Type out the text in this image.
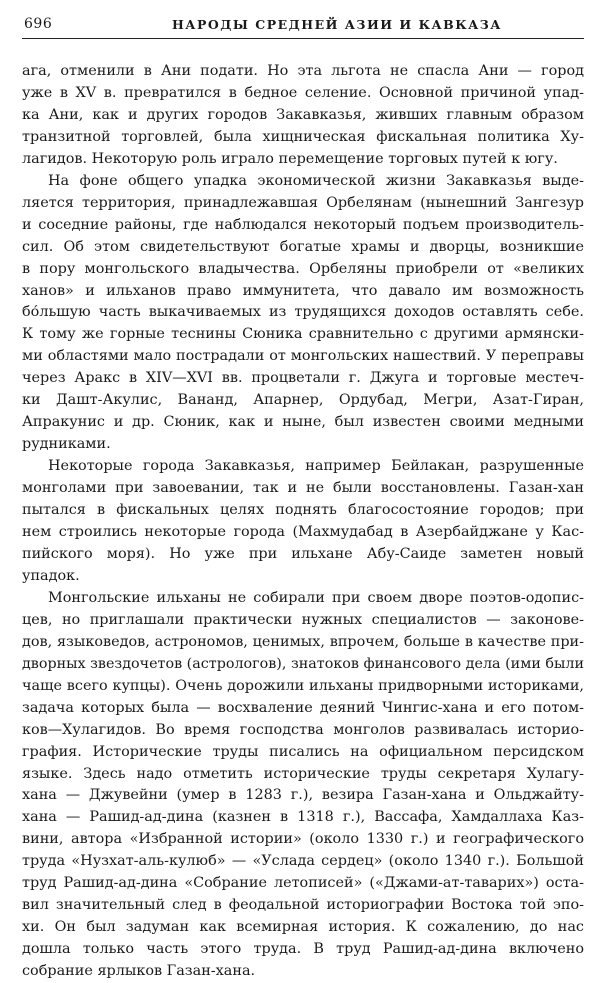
696	НАРОДЫ СРЕДНЕЙ АЗИИ И КАВКАЗА

ага, отменили в Ани подати. Но эта льгота не спасла Ани — город
уже в XV в. превратился в бедное селение. Основной причиной упад-
ка Ани, как и других городов Закавказья, живших главным образом
транзитной торговлей, была хищническая фискальная политика Ху-
лагидов. Некоторую роль играло перемещение торговых путей к югу.

На фоне общего упадка экономической жизни Закавказья выде-
ляется территория, принадлежавшая Орбелянам (нынешний Зангезур
и соседние районы, где наблюдался некоторый подъем производитель-
сил. Об этом свидетельствуют богатые храмы и дворцы, возникшие
в пору монгольского владычества. Орбеляны приобрели от «великих
ханов» и ильханов право иммунитета, что давало им возможность
бо́льшую часть выкачиваемых из трудящихся доходов оставлять себе.
К тому же горные теснины Сюника сравнительно с другими армянски-
ми областями мало пострадали от монгольских нашествий. У переправы
через Аракс в XIV—XVI вв. процветали г. Джуга и торговые местеч-
ки Дашт-Акулис, Вананд, Апарнер, Ордубад, Мегри, Азат-Гиран,
Апракунис и др. Сюник, как и ныне, был известен своими медными
рудниками.

Некоторые города Закавказья, например Бейлакан, разрушенные
монголами при завоевании, так и не были восстановлены. Газан-хан
пытался в фискальных целях поднять благосостояние городов; при
нем строились некоторые города (Махмудабад в Азербайджане у Кас-
пийского моря). Но уже при ильхане Абу-Саиде заметен новый
упадок.

Монгольские ильханы не собирали при своем дворе поэтов-одопис-
цев, но приглашали практически нужных специалистов — законове-
дов, языковедов, астрономов, ценимых, впрочем, больше в качестве при-
дворных звездочетов (астрологов), знатоков финансового дела (ими были
чаще всего купцы). Очень дорожили ильханы придворными историками,
задача которых была — восхваление деяний Чингис-хана и его потом-
ков—Хулагидов. Во время господства монголов развивалась историо-
графия. Исторические труды писались на официальном персидском
языке. Здесь надо отметить исторические труды секретаря Хулагу-
хана — Джувейни (умер в 1283 г.), везира Газан-хана и Ольджайту-
хана — Рашид-ад-дина (казнен в 1318 г.), Вассафа, Хамдаллаха Каз-
вини, автора «Избранной истории» (около 1330 г.) и географического
труда «Нузхат-аль-кулюб» — «Услада сердец» (около 1340 г.). Большой
труд Рашид-ад-дина «Собрание летописей» («Джами-ат-таварих») оста-
вил значительный след в феодальной историографии Востока той эпо-
хи. Он был задуман как всемирная история. К сожалению, до нас
дошла только часть этого труда. В труд Рашид-ад-дина включено
собрание ярлыков Газан-хана.
